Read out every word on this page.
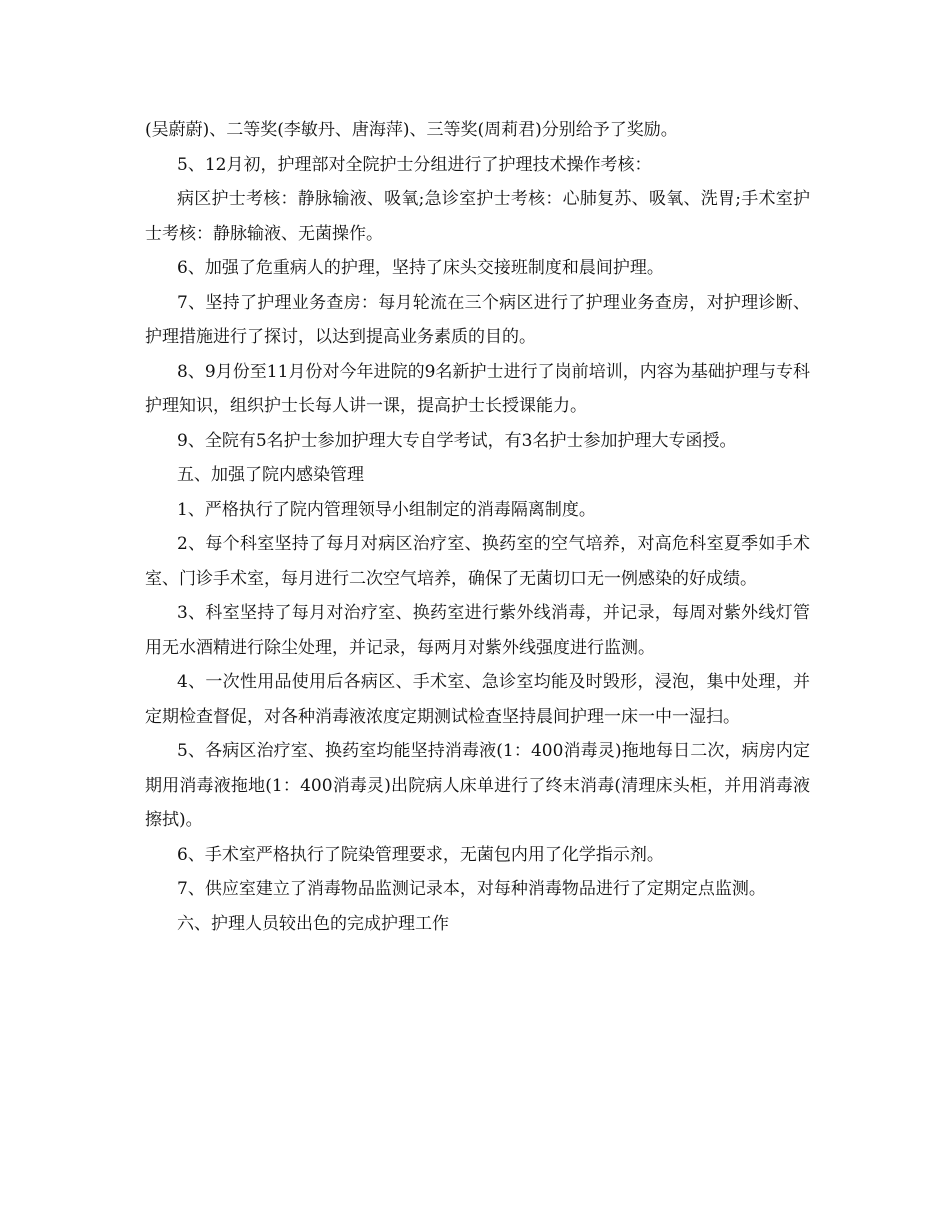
(吴蔚蔚)、二等奖(李敏丹、唐海萍)、三等奖(周莉君)分别给予了奖励。

5、12月初，护理部对全院护士分组进行了护理技术操作考核：

病区护士考核：静脉输液、吸氧;急诊室护士考核：心肺复苏、吸氧、洗胃;手术室护士考核：静脉输液、无菌操作。

6、加强了危重病人的护理，坚持了床头交接班制度和晨间护理。

7、坚持了护理业务查房：每月轮流在三个病区进行了护理业务查房，对护理诊断、护理措施进行了探讨，以达到提高业务素质的目的。

8、9月份至11月份对今年进院的9名新护士进行了岗前培训，内容为基础护理与专科护理知识，组织护士长每人讲一课，提高护士长授课能力。

9、全院有5名护士参加护理大专自学考试，有3名护士参加护理大专函授。

五、加强了院内感染管理

1、严格执行了院内管理领导小组制定的消毒隔离制度。

2、每个科室坚持了每月对病区治疗室、换药室的空气培养，对高危科室夏季如手术室、门诊手术室，每月进行二次空气培养，确保了无菌切口无一例感染的好成绩。

3、科室坚持了每月对治疗室、换药室进行紫外线消毒，并记录，每周对紫外线灯管用无水酒精进行除尘处理，并记录，每两月对紫外线强度进行监测。

4、一次性用品使用后各病区、手术室、急诊室均能及时毁形，浸泡，集中处理，并定期检查督促，对各种消毒液浓度定期测试检查坚持晨间护理一床一中一湿扫。

5、各病区治疗室、换药室均能坚持消毒液(1：400消毒灵)拖地每日二次，病房内定期用消毒液拖地(1：400消毒灵)出院病人床单进行了终末消毒(清理床头柜，并用消毒液擦拭)。

6、手术室严格执行了院染管理要求，无菌包内用了化学指示剂。

7、供应室建立了消毒物品监测记录本，对每种消毒物品进行了定期定点监测。

六、护理人员较出色的完成护理工作
